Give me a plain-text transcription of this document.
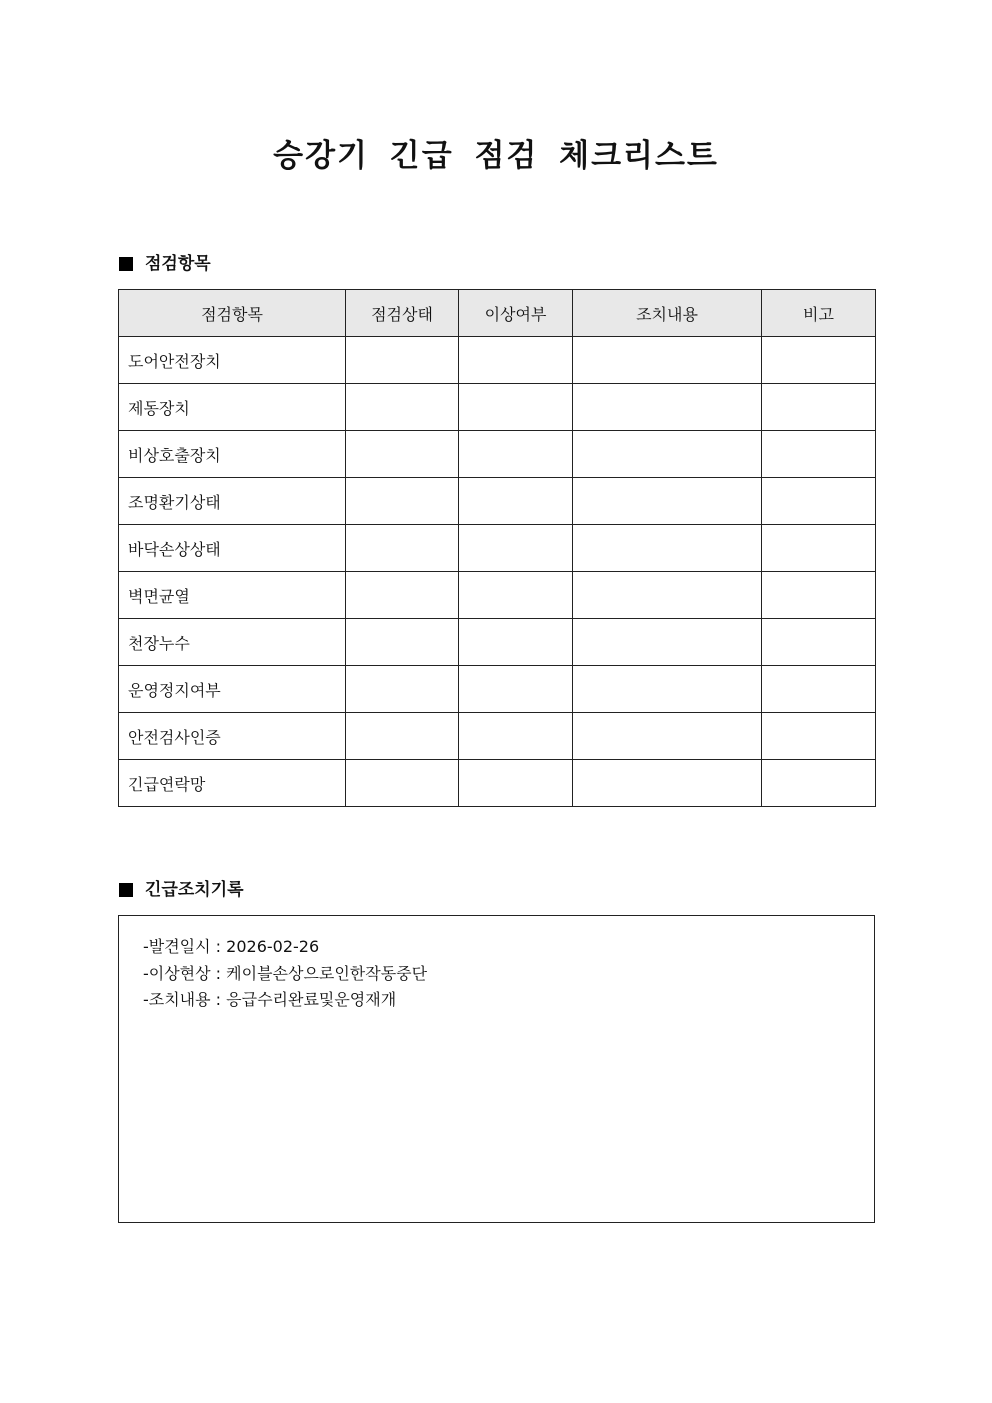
승강기 긴급 점검 체크리스트
점검항목
점검항목	점검상태	이상여부	조치내용	비고
도어안전장치				
제동장치				
비상호출장치				
조명환기상태				
바닥손상상태				
벽면균열				
천장누수				
운영정지여부				
안전검사인증				
긴급연락망				
긴급조치기록
-발견일시 : 2026-02-26
-이상현상 : 케이블손상으로인한작동중단
-조치내용 : 응급수리완료및운영재개
